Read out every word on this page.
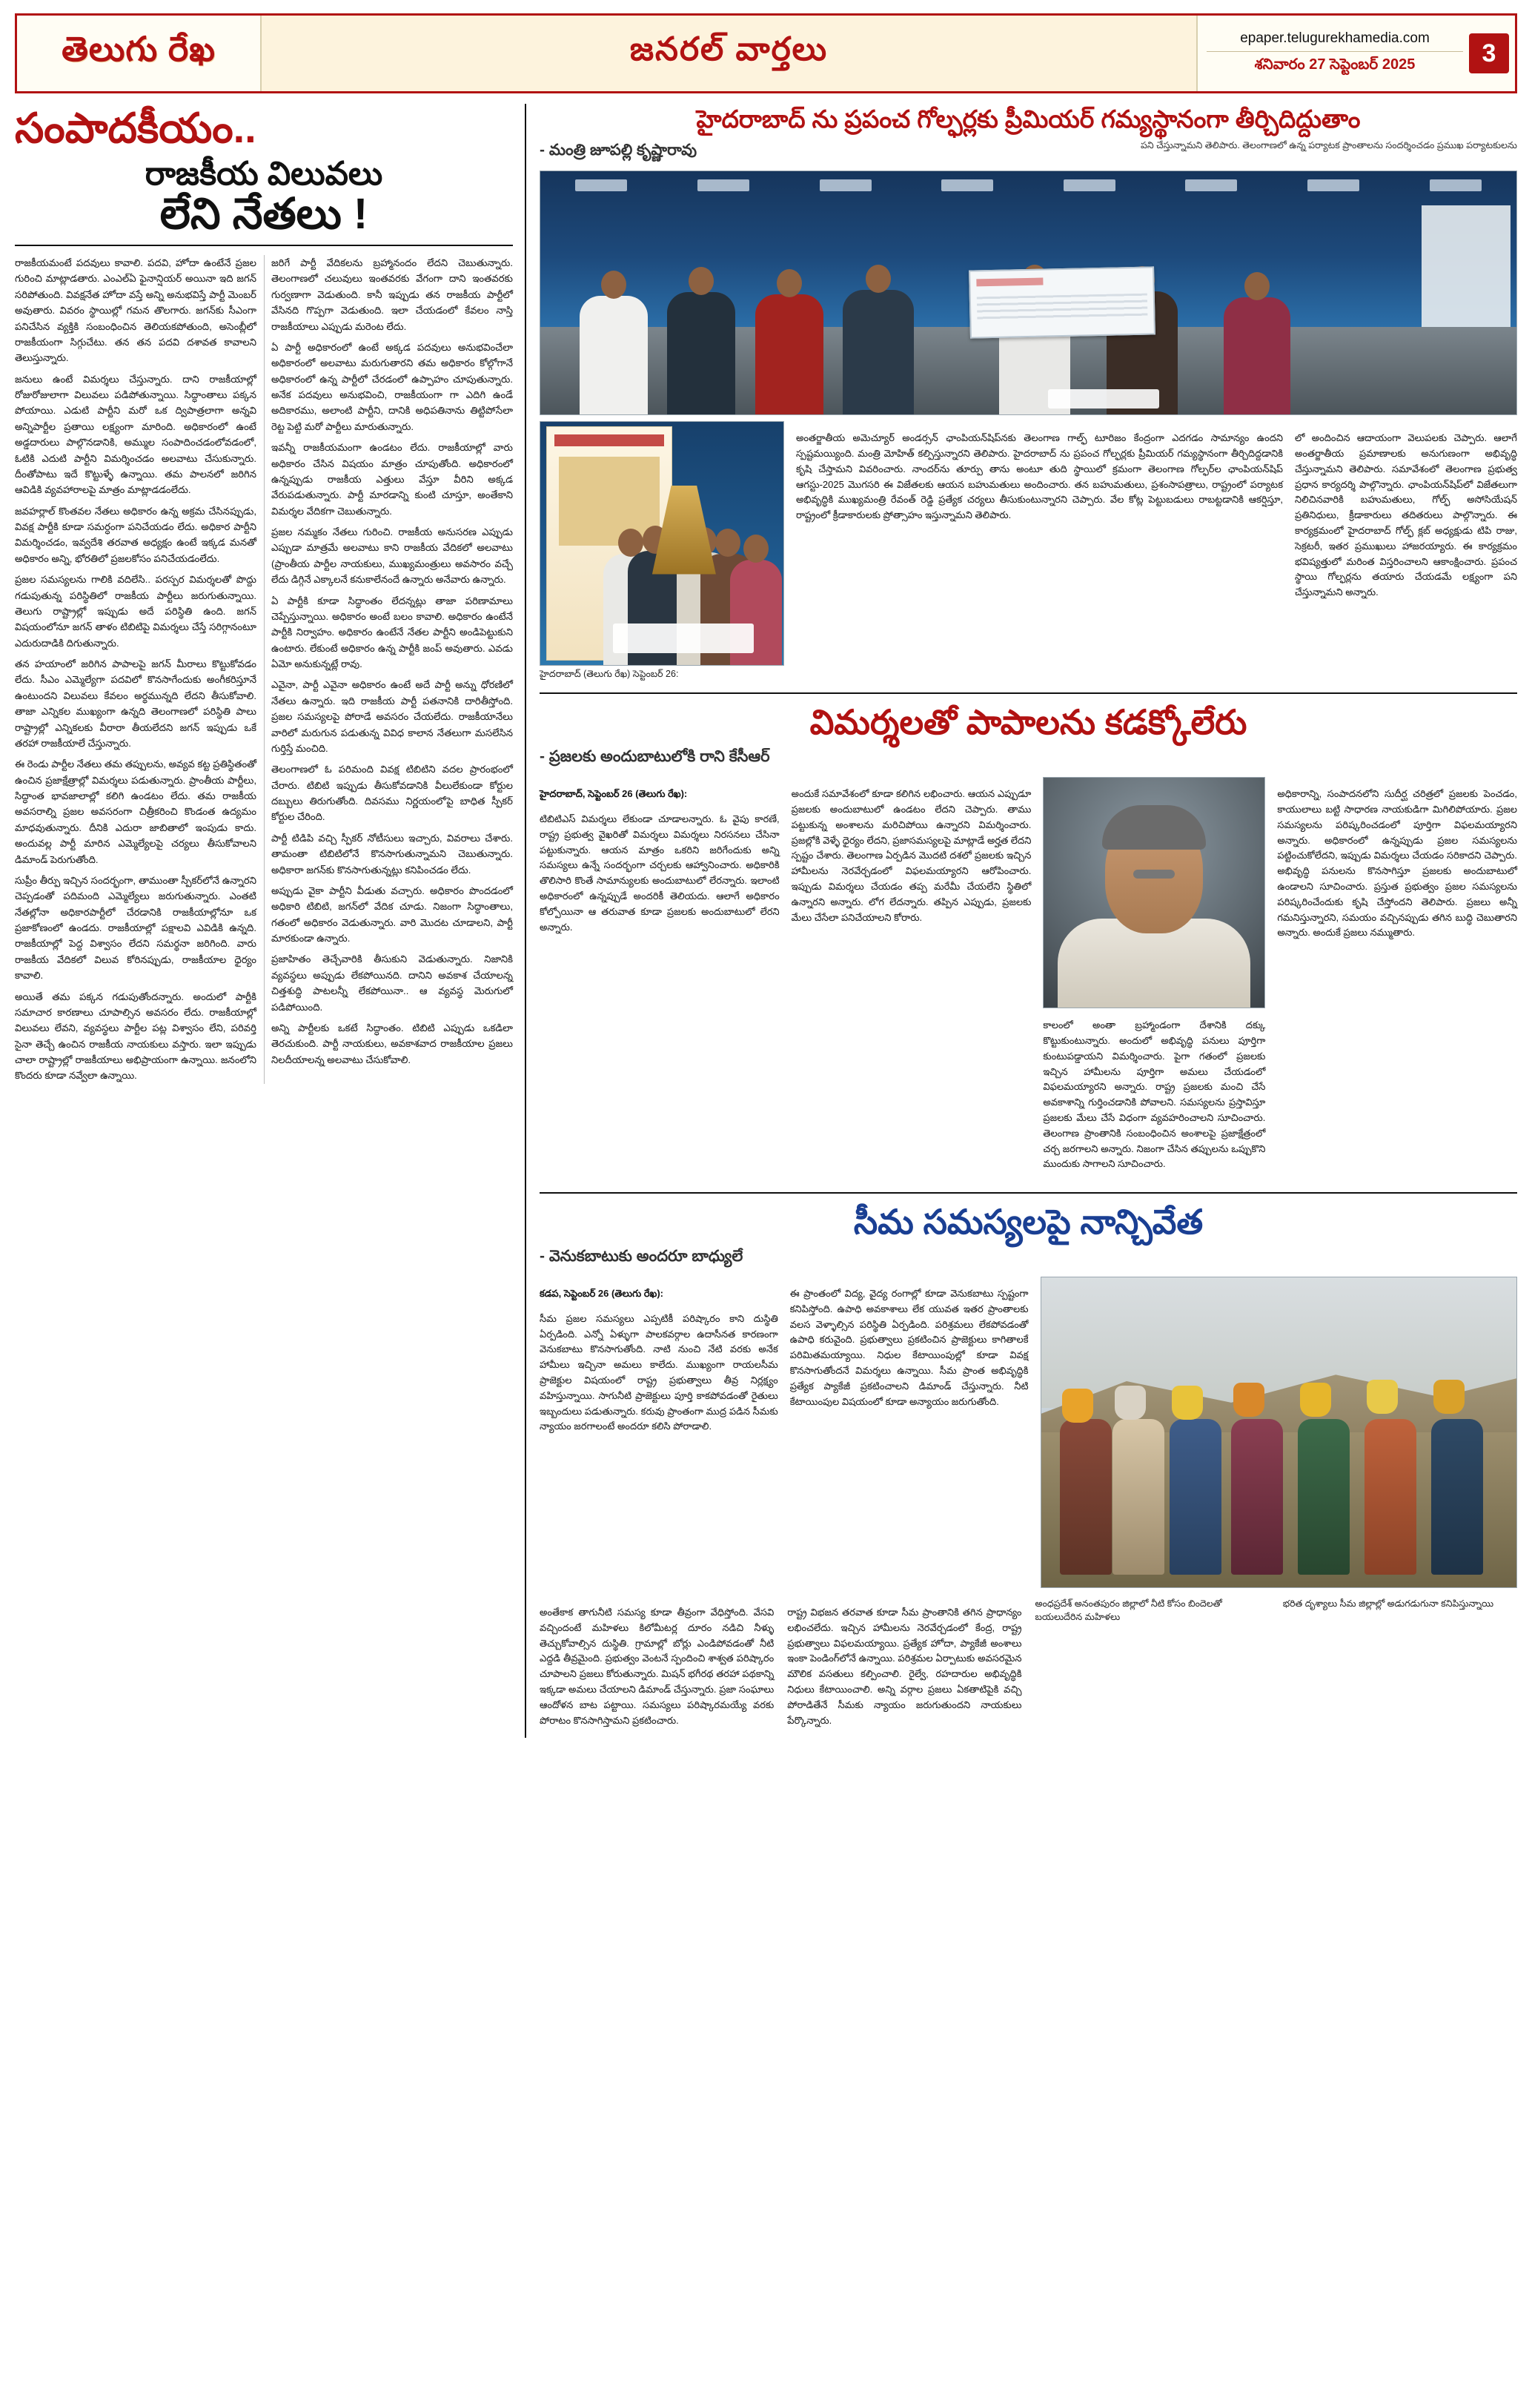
తెలుగు రేఖ	జనరల్ వార్తలు	epaper.telugurekhamedia.com
శనివారం 27 సెప్టెంబర్ 2025	3
సంపాదకీయం..
రాజకీయ విలువలు
లేని నేతలు !

రాజకీయమంటే పదవులు కావాలి. పదవి, హోదా ఉంటేనే ప్రజల గురించి మాట్లాడతారు. ఎంఎల్ఏ ఫైనాన్షియర్ అయినా ఇది జగన్ సరిపోతుంది. వివక్షనేత హోదా వస్తే అన్ని అనుభవిస్తే పార్టీ మెంబర్ అవుతారు. వివరం స్థాయిల్లో గమన తొలగారు. జగన్‌కు సీఎంగా పనిచేసిన వ్యక్తికి సంబంధించిన తెలియకపోతుంది, అసెంబ్లీలో రాజకీయంగా సిగ్గుచేటు. తన తన పదవి దశావత కావాలని తెలుస్తున్నారు.

జనులు ఉంటే విమర్శలు చేస్తున్నారు. దాని రాజకీయాల్లో రోజురోజులాగా విలువలు పడిపోతున్నాయి. సిద్ధాంతాలు పక్కన పోయాయి. ఎడుటి పార్టీని మరో ఒక ద్విపాత్రలాగా అన్నవి అన్నిపార్టీల ప్రతాయి లక్ష్యంగా మారింది. అధికారంలో ఉంటే అడ్డదారులు పాల్గొనడానికి, అమ్ముల సంపాదించడంలోవడంలో, ఓటికి ఎదుటి పార్టీని విమర్శించడం అలవాటు చేసుకున్నారు. దీంతోపాటు ఇదే కొట్టుళ్ళే ఉన్నాయి. తమ పాలనలో జరిగిన ఆవిడికి వ్యవహారాలపై మాత్రం మాట్లాడడంలేదు.

జవహర్లాల్ కొంతవల నేతలు అధికారం ఉన్న అక్రమ చేసినప్పుడు, వివక్ష పార్టీకి కూడా సమర్ధంగా పనిచేయడం లేదు. అధికార పార్టీని విమర్శించడం, ఇవ్వదేశి తరవాత అధ్యక్షం ఉంటే ఇక్కడ మనతో అధికారం అన్ని, భోరతిలో ప్రజలకోసం పనిచేయడంలేదు.

ప్రజల సమస్యలను గాలికి వదిలేసి.. పరస్పర విమర్శలతో పొద్దు గడుపుతున్న పరిస్థితిలో రాజకీయ పార్టీలు జరుగుతున్నాయి. తెలుగు రాష్ట్రాల్లో ఇప్పుడు అదే పరిస్థితి ఉంది. జగన్ విషయంలోనూ జగన్ తాళం టిబిటిపై విమర్శలు చేస్తే సరిగ్గానంటూ ఎదురుదాడికి దిగుతున్నారు.

తన హయాంలో జరిగిన పాపాలపై జగన్ మీరాలు కొట్టుకోవడం లేదు. సీఎం ఎమ్మెల్యేగా పదవిలో కొనసాగేందుకు అంగీకరిస్తూనే ఉంటుందని విలువలు కేవలం అర్థమున్నది లేదని తీసుకోవాలి. తాజా ఎన్నికల ముఖ్యంగా ఉన్నది తెలంగాణలో పరిస్థితి పాలు రాష్ట్రాల్లో ఎన్నికలకు వీరారా తీయలేదని జగన్ ఇప్పుడు ఒకే తరహా రాజకీయాలే చేస్తున్నారు.

ఈ రెండు పార్టీల నేతలు తమ తప్పులను, అవ్యవ కట్ట ప్రతిస్థితంతో ఉంచిన ప్రజాక్షేత్రాల్లో విమర్శలు పడుతున్నారు. ప్రాంతీయ పార్టీలు, సిద్ధాంత భావజాలాల్లో కలిగి ఉండటం లేదు. తమ రాజకీయ అవసరాల్ని ప్రజల అవసరంగా చిత్రీకరించి కొండంత ఉద్యమం మాధవుతున్నారు. దీనికి ఎదురా జాబితాలో ఇంపుడు కాదు. అందువల్ల పార్టీ మారిన ఎమ్మెల్యేలపై చర్యలు తీసుకోవాలని డిమాండ్ పెరుగుతోంది.

సుప్రీం తీర్పు ఇచ్చిన సందర్భంగా, తాముంతా స్పీకర్‌లోనే ఉన్నారని చెప్పడంతో పదిమంది ఎమ్మెల్యేలు జరుగుతున్నారు. ఎంతటి నేతల్లోనా అధికారపార్టీలో చేరడానికి రాజకీయాల్లోనూ ఒక ప్రజాకోణంలో ఉండదు. రాజకీయాల్లో పక్షాలవి ఎవిడికి ఉన్నది. రాజకీయాల్లో పెద్ద విశ్వాసం లేదని సమర్థనా జరిగింది. వారు రాజకీయ వేదికలో విలువ కోరినప్పుడు, రాజకీయాల ధైర్యం కావాలి.

అయితే తమ పక్కన గడుపుతోందన్నారు. అందులో పార్టీకి సమాచార కారణాలు చూపాల్సిన అవసరం లేదు. రాజకీయాల్లో విలువలు లేవని, వ్యవస్థలు పార్టీల పట్ల విశ్వాసం లేని, పరివర్తి సైనా తెచ్చే ఉంచిన రాజకీయ నాయకులు వస్తారు. ఇలా ఇప్పుడు చాలా రాష్ట్రాల్లో రాజకీయాలు అభిప్రాయంగా ఉన్నాయి. జనంలోని కొందరు కూడా నవ్వేలా ఉన్నాయి.

జరిగే పార్టీ వేదికలను బ్రహ్మానందం లేదని చెబుతున్నారు. తెలంగాణలో చలువులు ఇంతవరకు వేగంగా దాని ఇంతవరకు గుర్వణాగా వెడుతుంది. కానీ ఇప్పుడు తన రాజకీయ పార్టీలో వేసినది గొప్పగా వెడుతుంది. ఇలా చేయడంలో కేవలం నాస్తి రాజకీయాలు ఎప్పుడు మరెంట లేదు.

ఏ పార్టీ అధికారంలో ఉంటే అక్కడ పదవులు అనుభవించేలా అధికారంలో అలవాటు మరుగుతారని తమ అధికారం కోల్గోగానే అధికారంలో ఉన్న పార్టీలో చేరడంలో ఉప్పాహం చూపుతున్నారు. అనేక పదవులు అనుభవించి, రాజకీయంగా గా ఎదిగి ఉండే అదికారము, అలాంటి పార్టీని, దానికి అధిపతినాను తిట్టిపోసేలా రెట్ట పెట్టి మరో పార్టీలు మారుతున్నారు.

ఇవన్నీ రాజకీయమంగా ఉండటం లేదు. రాజకీయాల్లో వారు అధికారం చేసిన విషయం మాత్రం చూపుతోంది. అధికారంలో ఉన్నప్పుడు రాజకీయ ఎత్తులు వేస్తూ వీరిని అక్కడ వేరుపడుతున్నారు. పార్టీ మారడాన్ని కుంటి చూస్తూ, అంతేకాని విమర్శల వేదికగా చెబుతున్నారు.

ప్రజల నమ్మకం నేతలు గురించి. రాజకీయ అనుసరణ ఎప్పుడు ఎప్పుడా మాత్రమే అలవాటు కాని రాజకీయ వేదికలో అలవాటు (ప్రాంతీయ పార్టీల నాయకులు, ముఖ్యమంత్రులు అవసారం వచ్చే లేదు డిగ్గినే ఎక్కాలనే కనుకాలేనందే ఉన్నారు అనేవారు ఉన్నారు.

ఏ పార్టీకి కూడా సిద్ధాంతం లేదన్నట్లు తాజా పరిణామాలు చెప్పేస్తున్నాయి. అధికారం అంటే బలం కావాలి. అధికారం ఉంటేనే పార్టీకి నిర్వాహం. అధికారం ఉంటేనే నేతల పార్టీని అండిపెట్టుకుని ఉంటారు. లేకుంటే అధికారం ఉన్న పార్టీకి జంప్ అవుతారు. ఎవడు ఏమో అనుకున్నట్లే రావు.

ఎవైనా, పార్టీ ఎవైనా అధికారం ఉంటే అదే పార్టీ అన్ను ధోరణిలో నేతలు ఉన్నారు. ఇది రాజకీయ పార్టీ పతనానికి దారితీస్తోంది. ప్రజల సమస్యలపై పోరాడే అవసరం చేయలేదు. రాజకీయానేలు వారిలో మరుగున పడుతున్న వివిధ కాలాన నేతలుగా మసలేసిన గుర్తిస్తే మంచిది.

తెలంగాణలో ఓ పరిమంది వివక్ష టిబిటిని వదల ప్రారంభంలో చేరారు. టిబిటి ఇప్పుడు తీసుకోవడానికి వీలులేకుండా కోర్టుల దబ్బులు తిరుగుతోంది. దివసము నిర్ణయంలోపై బాధిత స్పీకర్ కోర్టుల చేరింది.

పార్టీ టిడిపి వచ్చి స్పీకర్ నోటీసులు ఇచ్చారు, వివరాలు చేశారు. తామంతా టిబిటిలోనే కొనసాగుతున్నామని చెబుతున్నారు. అధికారా జగన్‌కు కొనసాగుతున్నట్లు కనిపించడం లేదు.

అప్పుడు వైకా పార్టీని వీడుతు వచ్చారు. అధికారం పొందడంలో అధికారి టిబిటి, జగన్‌లో వేదిక చూడు. నిజంగా సిద్ధాంతాలు, గతంలో అధికారం వెడుతున్నారు. వారి మొదట చూడాలని, పార్టీ మారకుండా ఉన్నారు.

ప్రజాహితం తెచ్చేవారికి తీసుకుని వెడుతున్నారు. నిజానికి వ్యవస్థలు అప్పుడు లేకపోయినది. దానిని అవకాశ చేయాలన్న చిత్తశుద్ధి పాటలన్నీ లేకపోయినా.. ఆ వ్యవస్థ మెరుగులో పడిపోయింది.

అన్ని పార్టీలకు ఒకటే సిద్ధాంతం. టిబిటి ఎప్పుడు ఒకడిలా తెరచుకుంది. పార్టీ నాయకులు, అవకాశవాద రాజకీయాల ప్రజలు నిలదీయాలన్న అలవాటు చేసుకోవాలి.

హైదరాబాద్ ను ప్రపంచ గోల్ఫర్లకు ప్రీమియర్ గమ్యస్థానంగా తీర్చిదిద్దుతాం
- మంత్రి జూపల్లి కృష్ణారావు	పని చేస్తున్నామని తెలిపారు. తెలంగాణలో ఉన్న పర్యాటక ప్రాంతాలను సందర్శించడం ప్రముఖ పర్యాటకులను
హైదరాబాద్ (తెలుగు రేఖ) సెప్టెంబర్ 26:

అంతర్జాతీయ అమెచ్యూర్ అండర్సన్ ఛాంపియన్‌షిప్‌నకు తెలంగాణ గాల్ఫ్ టూరిజం కేంద్రంగా ఎదగడం సామాన్యం ఉందని స్పష్టమయ్యింది. మంత్రి మోహిత్ కల్పిస్తున్నారని తెలిపారు. హైదరాబాద్ ను ప్రపంచ గోల్ఫర్లకు ప్రీమియర్ గమ్యస్థానంగా తీర్చిదిద్దడానికి కృషి చేస్తామని వివరించారు. నాందర్‌ను తూర్పు తాను అంటూ తుది స్థాయిలో క్రమంగా తెలంగాణ గోల్ఫర్‌ల ఛాంపియన్‌షిప్ ఆగస్టు-2025 మొగసరి ఈ విజేతలకు ఆయన బహుమతులు అందించారు. తన బహుమతులు, ప్రశంసాపత్రాలు, రాష్ట్రంలో పర్యాటక అభివృద్ధికి ముఖ్యమంత్రి రేవంత్ రెడ్డి ప్రత్యేక చర్యలు తీసుకుంటున్నారని చెప్పారు. వేల కోట్ల పెట్టుబడులు రాబట్టడానికి ఆకర్షిస్తూ, రాష్ట్రంలో క్రీడాకారులకు ప్రోత్సాహం ఇస్తున్నామని తెలిపారు.

లో అందించిన ఆదాయంగా వెలుపలకు చెప్పారు. ఆలాగే అంతర్జాతీయ ప్రమాణాలకు అనుగుణంగా అభివృద్ధి చేస్తున్నామని తెలిపారు. సమావేశంలో తెలంగాణ ప్రభుత్వ ప్రధాన కార్యదర్శి పాల్గొన్నారు. ఛాంపియన్‌షిప్‌లో విజేతలుగా నిలిచినవారికి బహుమతులు, గోల్ఫ్ అసోసియేషన్ ప్రతినిధులు, క్రీడాకారులు తదితరులు పాల్గొన్నారు. ఈ కార్యక్రమంలో హైదరాబాద్ గోల్ఫ్ క్లబ్ అధ్యక్షుడు టిపి రాజు, సెక్రటరీ, ఇతర ప్రముఖులు హాజరయ్యారు. ఈ కార్యక్రమం భవిష్యత్తులో మరింత విస్తరించాలని ఆకాంక్షించారు. ప్రపంచ స్థాయి గోల్ఫర్లను తయారు చేయడమే లక్ష్యంగా పని చేస్తున్నామని అన్నారు.

విమర్శలతో పాపాలను కడక్కోలేరు
- ప్రజలకు అందుబాటులోకి రాని కేసీఆర్

హైదరాబాద్, సెప్టెంబర్ 26 (తెలుగు రేఖ):

టిబిటిఎస్ విమర్శలు లేకుండా చూడాలన్నారు. ఓ వైపు కారణే, రాష్ట్ర ప్రభుత్వ వైఖరితో విమర్శలు విమర్శలు నిరసనలు చేసినా పట్టుకున్నారు. ఆయన మాత్రం ఒకరిని జరిగేందుకు అన్ని సమస్యలు ఉన్నే సందర్భంగా చర్చలకు ఆహ్వానించారు. అధికారికి తొలిసారి కొంతే సామాన్యులకు అందుబాటులో లేరన్నారు. ఇలాంటి అధికారంలో ఉన్నప్పుడే అందరికీ తెలియదు. ఆలాగే అధికారం కోల్పోయినా ఆ తరువాత కూడా ప్రజలకు అందుబాటులో లేరని అన్నారు.

అందుకే సమావేశంలో కూడా కలిగిన లభించారు. ఆయన ఎప్పుడూ ప్రజలకు అందుబాటులో ఉండటం లేదని చెప్పారు. తాము పట్టుకున్న అంశాలను మరిచిపోయి ఉన్నారని విమర్శించారు. ప్రజల్లోకి వెళ్ళే ధైర్యం లేదని, ప్రజాసమస్యలపై మాట్లాడే అర్హత లేదని స్పష్టం చేశారు. తెలంగాణ ఏర్పడిన మొదటి దశలో ప్రజలకు ఇచ్చిన హామీలను నెరవేర్చడంలో విఫలమయ్యారని ఆరోపించారు. ఇప్పుడు విమర్శలు చేయడం తప్ప మరేమీ చేయలేని స్థితిలో ఉన్నారని అన్నారు. లోగ లేదన్నారు. తప్పిన ఎప్పుడు, ప్రజలకు మేలు చేసేలా పనిచేయాలని కోరారు.

కాలంలో అంతా బ్రహ్మాండంగా దేశానికి దక్కు కొట్టుకుంటున్నారు. అందులో అభివృద్ధి పనులు పూర్తిగా కుంటుపడ్డాయని విమర్శించారు. పైగా గతంలో ప్రజలకు ఇచ్చిన హామీలను పూర్తిగా అమలు చేయడంలో విఫలమయ్యారని అన్నారు. రాష్ట్ర ప్రజలకు మంచి చేసే అవకాశాన్ని గుర్తించడానికి పోవాలని. సమస్యలను ప్రస్తావిస్తూ ప్రజలకు మేలు చేసే విధంగా వ్యవహరించాలని సూచించారు. తెలంగాణ ప్రాంతానికి సంబంధించిన అంశాలపై ప్రజాక్షేత్రంలో చర్చ జరగాలని అన్నారు. నిజంగా చేసిన తప్పులను ఒప్పుకొని ముందుకు సాగాలని సూచించారు.

అధికారాన్ని, సంపాదనలోని సుదీర్ఘ చరిత్రలో ప్రజలకు పెంచడం, కాయులాలు బట్టి సాధారణ నాయకుడిగా మిగిలిపోయారు. ప్రజల సమస్యలను పరిష్కరించడంలో పూర్తిగా విఫలమయ్యారని అన్నారు. అధికారంలో ఉన్నప్పుడు ప్రజల సమస్యలను పట్టించుకోలేదని, ఇప్పుడు విమర్శలు చేయడం సరికాదని చెప్పారు. అభివృద్ధి పనులను కొనసాగిస్తూ ప్రజలకు అందుబాటులో ఉండాలని సూచించారు. ప్రస్తుత ప్రభుత్వం ప్రజల సమస్యలను పరిష్కరించేందుకు కృషి చేస్తోందని తెలిపారు. ప్రజలు అన్నీ గమనిస్తున్నారని, సమయం వచ్చినప్పుడు తగిన బుద్ధి చెబుతారని అన్నారు. అందుకే ప్రజలు నమ్ముతారు.

సీమ సమస్యలపై నాన్చివేత
- వెనుకబాటుకు అందరూ బాధ్యులే

కడప, సెప్టెంబర్ 26 (తెలుగు రేఖ):

సీమ ప్రజల సమస్యలు ఎప్పటికీ పరిష్కారం కాని దుస్థితి ఏర్పడింది. ఎన్నో ఏళ్ళుగా పాలకవర్గాల ఉదాసీనత కారణంగా వెనుకబాటు కొనసాగుతోంది. నాటి నుంచి నేటి వరకు అనేక హామీలు ఇచ్చినా అమలు కాలేదు. ముఖ్యంగా రాయలసీమ ప్రాజెక్టుల విషయంలో రాష్ట్ర ప్రభుత్వాలు తీవ్ర నిర్లక్ష్యం వహిస్తున్నాయి. సాగునీటి ప్రాజెక్టులు పూర్తి కాకపోవడంతో రైతులు ఇబ్బందులు పడుతున్నారు. కరువు ప్రాంతంగా ముద్ర పడిన సీమకు న్యాయం జరగాలంటే అందరూ కలిసి పోరాడాలి.

ఈ ప్రాంతంలో విద్య, వైద్య రంగాల్లో కూడా వెనుకబాటు స్పష్టంగా కనిపిస్తోంది. ఉపాధి అవకాశాలు లేక యువత ఇతర ప్రాంతాలకు వలస వెళ్ళాల్సిన పరిస్థితి ఏర్పడింది. పరిశ్రమలు లేకపోవడంతో ఉపాధి కరువైంది. ప్రభుత్వాలు ప్రకటించిన ప్రాజెక్టులు కాగితాలకే పరిమితమయ్యాయి. నిధుల కేటాయింపుల్లో కూడా వివక్ష కొనసాగుతోందనే విమర్శలు ఉన్నాయి. సీమ ప్రాంత అభివృద్ధికి ప్రత్యేక ప్యాకేజీ ప్రకటించాలని డిమాండ్ చేస్తున్నారు. నీటి కేటాయింపుల విషయంలో కూడా అన్యాయం జరుగుతోంది.

అంతేకాక తాగునీటి సమస్య కూడా తీవ్రంగా వేధిస్తోంది. వేసవి వచ్చిందంటే మహిళలు కిలోమీటర్ల దూరం నడిచి నీళ్ళు తెచ్చుకోవాల్సిన దుస్థితి. గ్రామాల్లో బోర్లు ఎండిపోవడంతో నీటి ఎద్దడి తీవ్రమైంది. ప్రభుత్వం వెంటనే స్పందించి శాశ్వత పరిష్కారం చూపాలని ప్రజలు కోరుతున్నారు. మిషన్ భగీరథ తరహా పథకాన్ని ఇక్కడా అమలు చేయాలని డిమాండ్ చేస్తున్నారు. ప్రజా సంఘాలు ఆందోళన బాట పట్టాయి. సమస్యలు పరిష్కారమయ్యే వరకు పోరాటం కొనసాగిస్తామని ప్రకటించారు.

రాష్ట్ర విభజన తరవాత కూడా సీమ ప్రాంతానికి తగిన ప్రాధాన్యం లభించలేదు. ఇచ్చిన హామీలను నెరవేర్చడంలో కేంద్ర, రాష్ట్ర ప్రభుత్వాలు విఫలమయ్యాయి. ప్రత్యేక హోదా, ప్యాకేజీ అంశాలు ఇంకా పెండింగ్‌లోనే ఉన్నాయి. పరిశ్రమల ఏర్పాటుకు అవసరమైన మౌలిక వసతులు కల్పించాలి. రైల్వే, రహదారుల అభివృద్ధికి నిధులు కేటాయించాలి. అన్ని వర్గాల ప్రజలు ఏకతాటిపైకి వచ్చి పోరాడితేనే సీమకు న్యాయం జరుగుతుందని నాయకులు పేర్కొన్నారు.

అంధప్రదేశ్ అనంతపురం జిల్లాలో నీటి కోసం బిందెలతో బయలుదేరిన మహిళలు
భరిత దృశ్యాలు సీమ జిల్లాల్లో అడుగడుగునా కనిపిస్తున్నాయి
